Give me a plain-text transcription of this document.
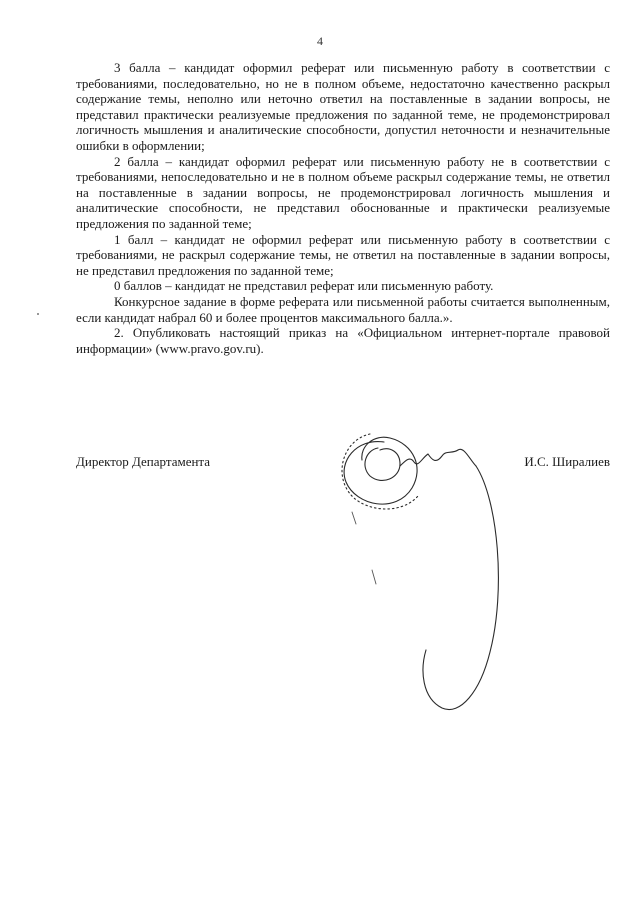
4

3 балла – кандидат оформил реферат или письменную работу в соответствии с требованиями, последовательно, но не в полном объеме, недостаточно качественно раскрыл содержание темы, неполно или неточно ответил на поставленные в задании вопросы, не представил практически реализуемые предложения по заданной теме, не продемонстрировал логичность мышления и аналитические способности, допустил неточности и незначительные ошибки в оформлении;

2 балла – кандидат оформил реферат или письменную работу не в соответствии с требованиями, непоследовательно и не в полном объеме раскрыл содержание темы, не ответил на поставленные в задании вопросы, не продемонстрировал логичность мышления и аналитические способности, не представил обоснованные и практически реализуемые предложения по заданной теме;

1 балл – кандидат не оформил реферат или письменную работу в соответствии с требованиями, не раскрыл содержание темы, не ответил на поставленные в задании вопросы, не представил предложения по заданной теме;

0 баллов – кандидат не представил реферат или письменную работу.

Конкурсное задание в форме реферата или письменной работы считается выполненным, если кандидат набрал 60 и более процентов максимального балла.».

2. Опубликовать настоящий приказ на «Официальном интернет-портале правовой информации» (www.pravo.gov.ru).

Директор Департамента	И.С. Ширалиев
